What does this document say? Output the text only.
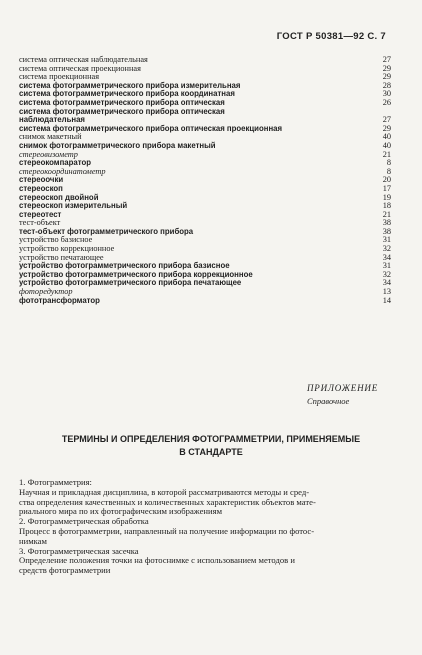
ГОСТ Р 50381—92 С. 7
система оптическая наблюдательная	27
система оптическая проекционная	29
система проекционная	29
система фотограмметрического прибора измерительная	28
система фотограмметрического прибора координатная	30
система фотограмметрического прибора оптическая	26
система фотограмметрического прибора оптическая
наблюдательная	27
система фотограмметрического прибора оптическая проекционная	29
снимок макетный	40
снимок фотограмметрического прибора макетный	40
стереовизометр	21
стереокомпаратор	8
стереокоординатометр	8
стереоочки	20
стереоскоп	17
стереоскоп двойной	19
стереоскоп измерительный	18
стереотест	21
тест-объект	38
тест-объект фотограмметрического прибора	38
устройство базисное	31
устройство коррекционное	32
устройство печатающее	34
устройство фотограмметрического прибора базисное	31
устройство фотограмметрического прибора коррекционное	32
устройство фотограмметрического прибора печатающее	34
фоторедуктор	13
фототрансформатор	14
ПРИЛОЖЕНИЕ
Справочное
ТЕРМИНЫ И ОПРЕДЕЛЕНИЯ ФОТОГРАММЕТРИИ, ПРИМЕНЯЕМЫЕ
В СТАНДАРТЕ

1. Фотограмметрия:

Научная и прикладная дисциплина, в которой рассматриваются методы и сред-

ства определения качественных и количественных характеристик объектов мате-

риального мира по их фотографическим изображениям

2. Фотограмметрическая обработка

Процесс в фотограмметрии, направленный на получение информации по фотос-

нимкам

3. Фотограмметрическая засечка

Определение положения точки на фотоснимке с использованием методов и

средств фотограмметрии
